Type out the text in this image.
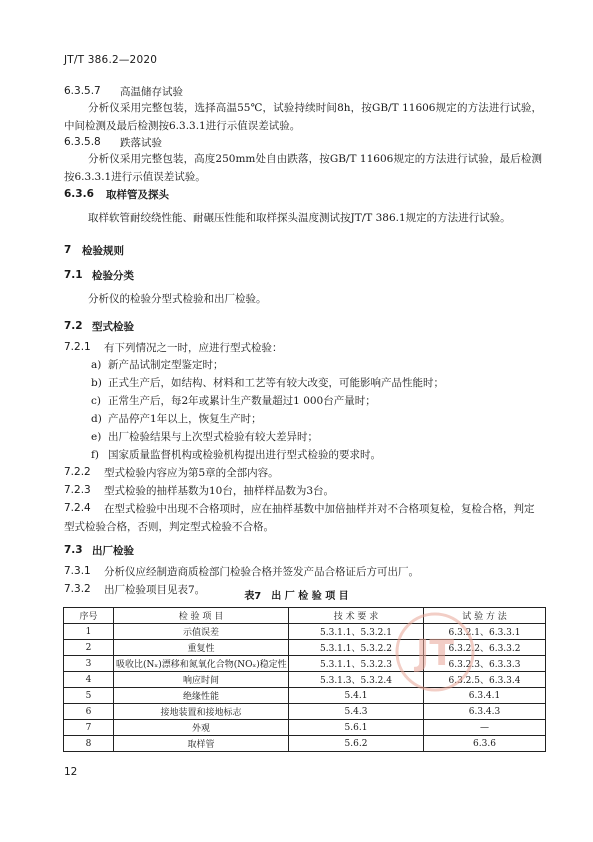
JT/T 386.2—2020
6.3.5.7 高温储存试验
分析仪采用完整包装，选择高温55℃，试验持续时间8h，按GB/T 11606规定的方法进行试验，中间检测及最后检测按6.3.3.1进行示值误差试验。
6.3.5.8 跌落试验
分析仪采用完整包装，高度250mm处自由跌落，按GB/T 11606规定的方法进行试验，最后检测按6.3.3.1进行示值误差试验。
6.3.6 取样管及探头
取样软管耐绞绕性能、耐碾压性能和取样探头温度测试按JT/T 386.1规定的方法进行试验。
7 检验规则
7.1 检验分类
分析仪的检验分型式检验和出厂检验。
7.2 型式检验
7.2.1 有下列情况之一时，应进行型式检验：
a) 新产品试制定型鉴定时；
b) 正式生产后，如结构、材料和工艺等有较大改变，可能影响产品性能时；
c) 正常生产后，每2年或累计生产数量超过1 000台产量时；
d) 产品停产1年以上，恢复生产时；
e) 出厂检验结果与上次型式检验有较大差异时；
f) 国家质量监督机构或检验机构提出进行型式检验的要求时。
7.2.2 型式检验内容应为第5章的全部内容。
7.2.3 型式检验的抽样基数为10台，抽样样品数为3台。
7.2.4 在型式检验中出现不合格项时，应在抽样基数中加倍抽样并对不合格项复检，复检合格，判定
型式检验合格，否则，判定型式检验不合格。
7.3 出厂检验
7.3.1 分析仪应经制造商质检部门检验合格并签发产品合格证后方可出厂。
7.3.2 出厂检验项目见表7。
表7　出 厂 检 验 项 目
序号	检 验 项 目	技 术 要 求	试 验 方 法
1	示值误差	5.3.1.1、5.3.2.1	6.3.2.1、6.3.3.1
2	重复性	5.3.1.1、5.3.2.2	6.3.2.2、6.3.3.2
3	吸收比(Nₓ)漂移和氮氧化合物(NOₓ)稳定性	5.3.1.1、5.3.2.3	6.3.2.3、6.3.3.3
4	响应时间	5.3.1.3、5.3.2.4	6.3.2.5、6.3.3.4
5	绝缘性能	5.4.1	6.3.4.1
6	接地装置和接地标志	5.4.3	6.3.4.3
7	外观	5.6.1	—
8	取样管	5.6.2	6.3.6
JT
12
